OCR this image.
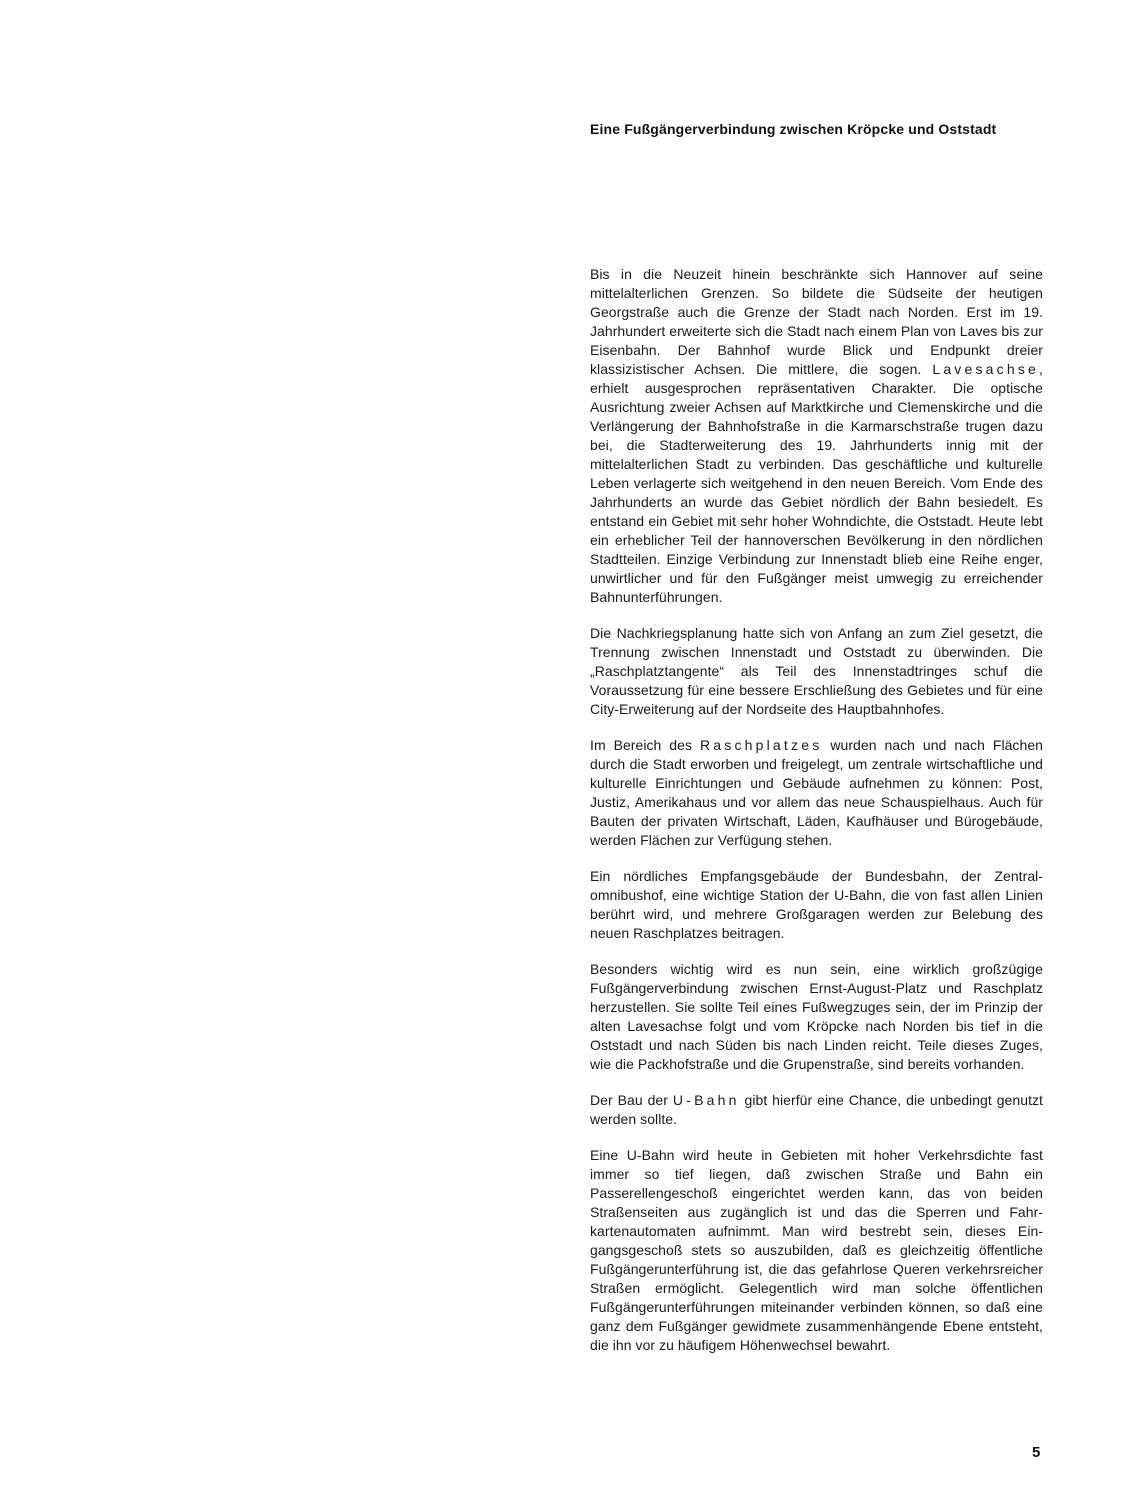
Eine Fußgängerverbindung zwischen Kröpcke und Oststadt

Bis in die Neuzeit hinein beschränkte sich Hannover auf seine mittelalterlichen Grenzen. So bildete die Südseite der heutigen Georgstraße auch die Grenze der Stadt nach Norden. Erst im 19. Jahrhundert erweiterte sich die Stadt nach einem Plan von Laves bis zur Eisenbahn. Der Bahnhof wurde Blick und Endpunkt dreier klassizistischer Achsen. Die mittlere, die sogen. Lavesachse, erhielt ausgesprochen repräsentativen Charakter. Die optische Ausrichtung zweier Achsen auf Marktkirche und Clemenskirche und die Verlängerung der Bahnhofstraße in die Karmarschstraße trugen dazu bei, die Stadterweiterung des 19. Jahrhunderts innig mit der mittelalterlichen Stadt zu verbinden. Das geschäftliche und kulturelle Leben verlagerte sich weitgehend in den neuen Bereich. Vom Ende des Jahrhunderts an wurde das Gebiet nördlich der Bahn besiedelt. Es entstand ein Gebiet mit sehr hoher Wohndichte, die Oststadt. Heute lebt ein erheblicher Teil der hannoverschen Bevölkerung in den nördlichen Stadtteilen. Einzige Verbindung zur Innenstadt blieb eine Reihe enger, unwirtlicher und für den Fußgänger meist umwegig zu erreichender Bahnunterführungen.

Die Nachkriegsplanung hatte sich von Anfang an zum Ziel gesetzt, die Trennung zwischen Innenstadt und Oststadt zu überwinden. Die „Raschplatztangente“ als Teil des Innenstadtringes schuf die Voraussetzung für eine bessere Erschließung des Gebietes und für eine City-Erweiterung auf der Nordseite des Hauptbahnhofes.

Im Bereich des Raschplatzes wurden nach und nach Flächen durch die Stadt erworben und freigelegt, um zentrale wirtschaftliche und kulturelle Einrichtungen und Gebäude aufnehmen zu können: Post, Justiz, Amerikahaus und vor allem das neue Schauspielhaus. Auch für Bauten der privaten Wirtschaft, Läden, Kaufhäuser und Bürogebäude, werden Flächen zur Verfügung stehen.

Ein nördliches Empfangsgebäude der Bundesbahn, der Zentralomnibushof, eine wichtige Station der U-Bahn, die von fast allen Linien berührt wird, und mehrere Großgaragen werden zur Belebung des neuen Raschplatzes beitragen.

Besonders wichtig wird es nun sein, eine wirklich großzügige Fußgängerverbindung zwischen Ernst-August-Platz und Raschplatz herzustellen. Sie sollte Teil eines Fußwegzuges sein, der im Prinzip der alten Lavesachse folgt und vom Kröpcke nach Norden bis tief in die Oststadt und nach Süden bis nach Linden reicht. Teile dieses Zuges, wie die Packhofstraße und die Grupenstraße, sind bereits vorhanden.

Der Bau der U-Bahn gibt hierfür eine Chance, die unbedingt genutzt werden sollte.

Eine U-Bahn wird heute in Gebieten mit hoher Verkehrsdichte fast immer so tief liegen, daß zwischen Straße und Bahn ein Passerellengeschoß eingerichtet werden kann, das von beiden Straßenseiten aus zugänglich ist und das die Sperren und Fahrkartenautomaten aufnimmt. Man wird bestrebt sein, dieses Eingangsgeschoß stets so auszubilden, daß es gleichzeitig öffentliche Fußgängerunterführung ist, die das gefahrlose Queren verkehrsreicher Straßen ermöglicht. Gelegentlich wird man solche öffentlichen Fußgängerunterführungen miteinander verbinden können, so daß eine ganz dem Fußgänger gewidmete zusammenhängende Ebene entsteht, die ihn vor zu häufigem Höhenwechsel bewahrt.

5
